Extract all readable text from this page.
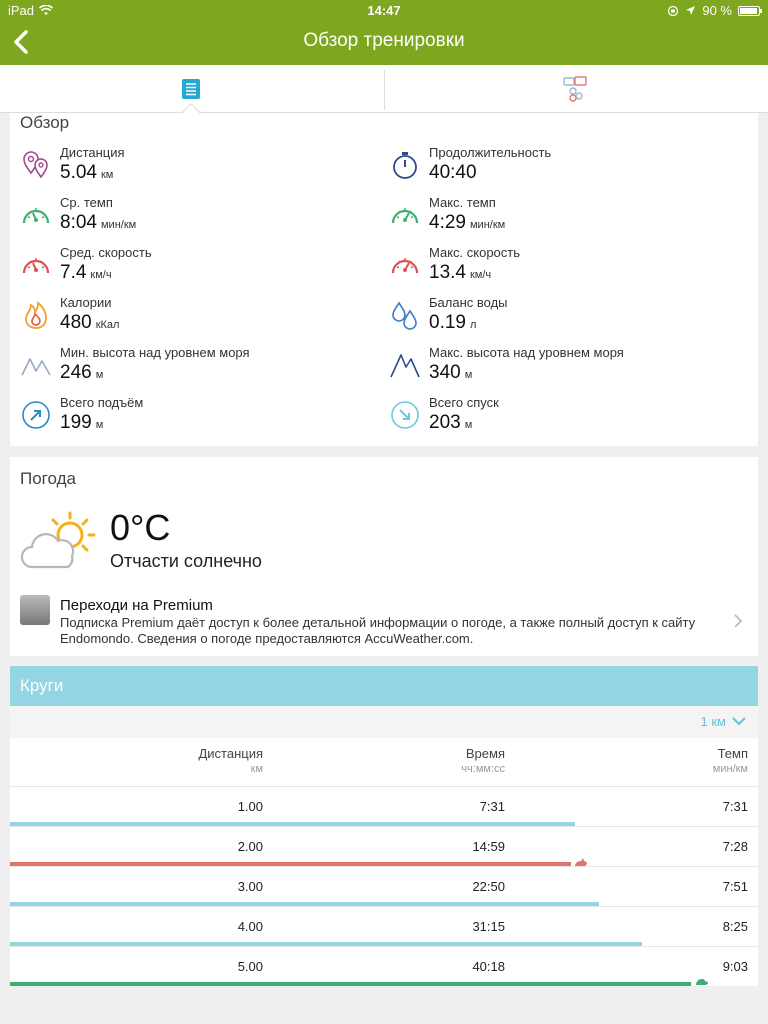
iPad	14:47	90 %
Обзор тренировки
Обзор
Дистанция
5.04 км
Ср. темп
8:04 мин/км
Сред. скорость
7.4 км/ч
Калории
480 кКал
Мин. высота над уровнем моря
246 м
Всего подъём
199 м
Продолжительность
40:40
Макс. темп
4:29 мин/км
Макс. скорость
13.4 км/ч
Баланс воды
0.19 л
Макс. высота над уровнем моря
340 м
Всего спуск
203 м
Погода
0°C
Отчасти солнечно
Переходи на Premium
Подписка Premium даёт доступ к более детальной информации о погоде, а также полный доступ к сайту Endomondo. Сведения о погоде предоставляются AccuWeather.com.
Круги
1 км
Дистанция
км
Время
чч:мм:сс
Темп
мин/км
1.00	7:31	7:31
2.00	14:59	7:28
3.00	22:50	7:51
4.00	31:15	8:25
5.00	40:18	9:03
